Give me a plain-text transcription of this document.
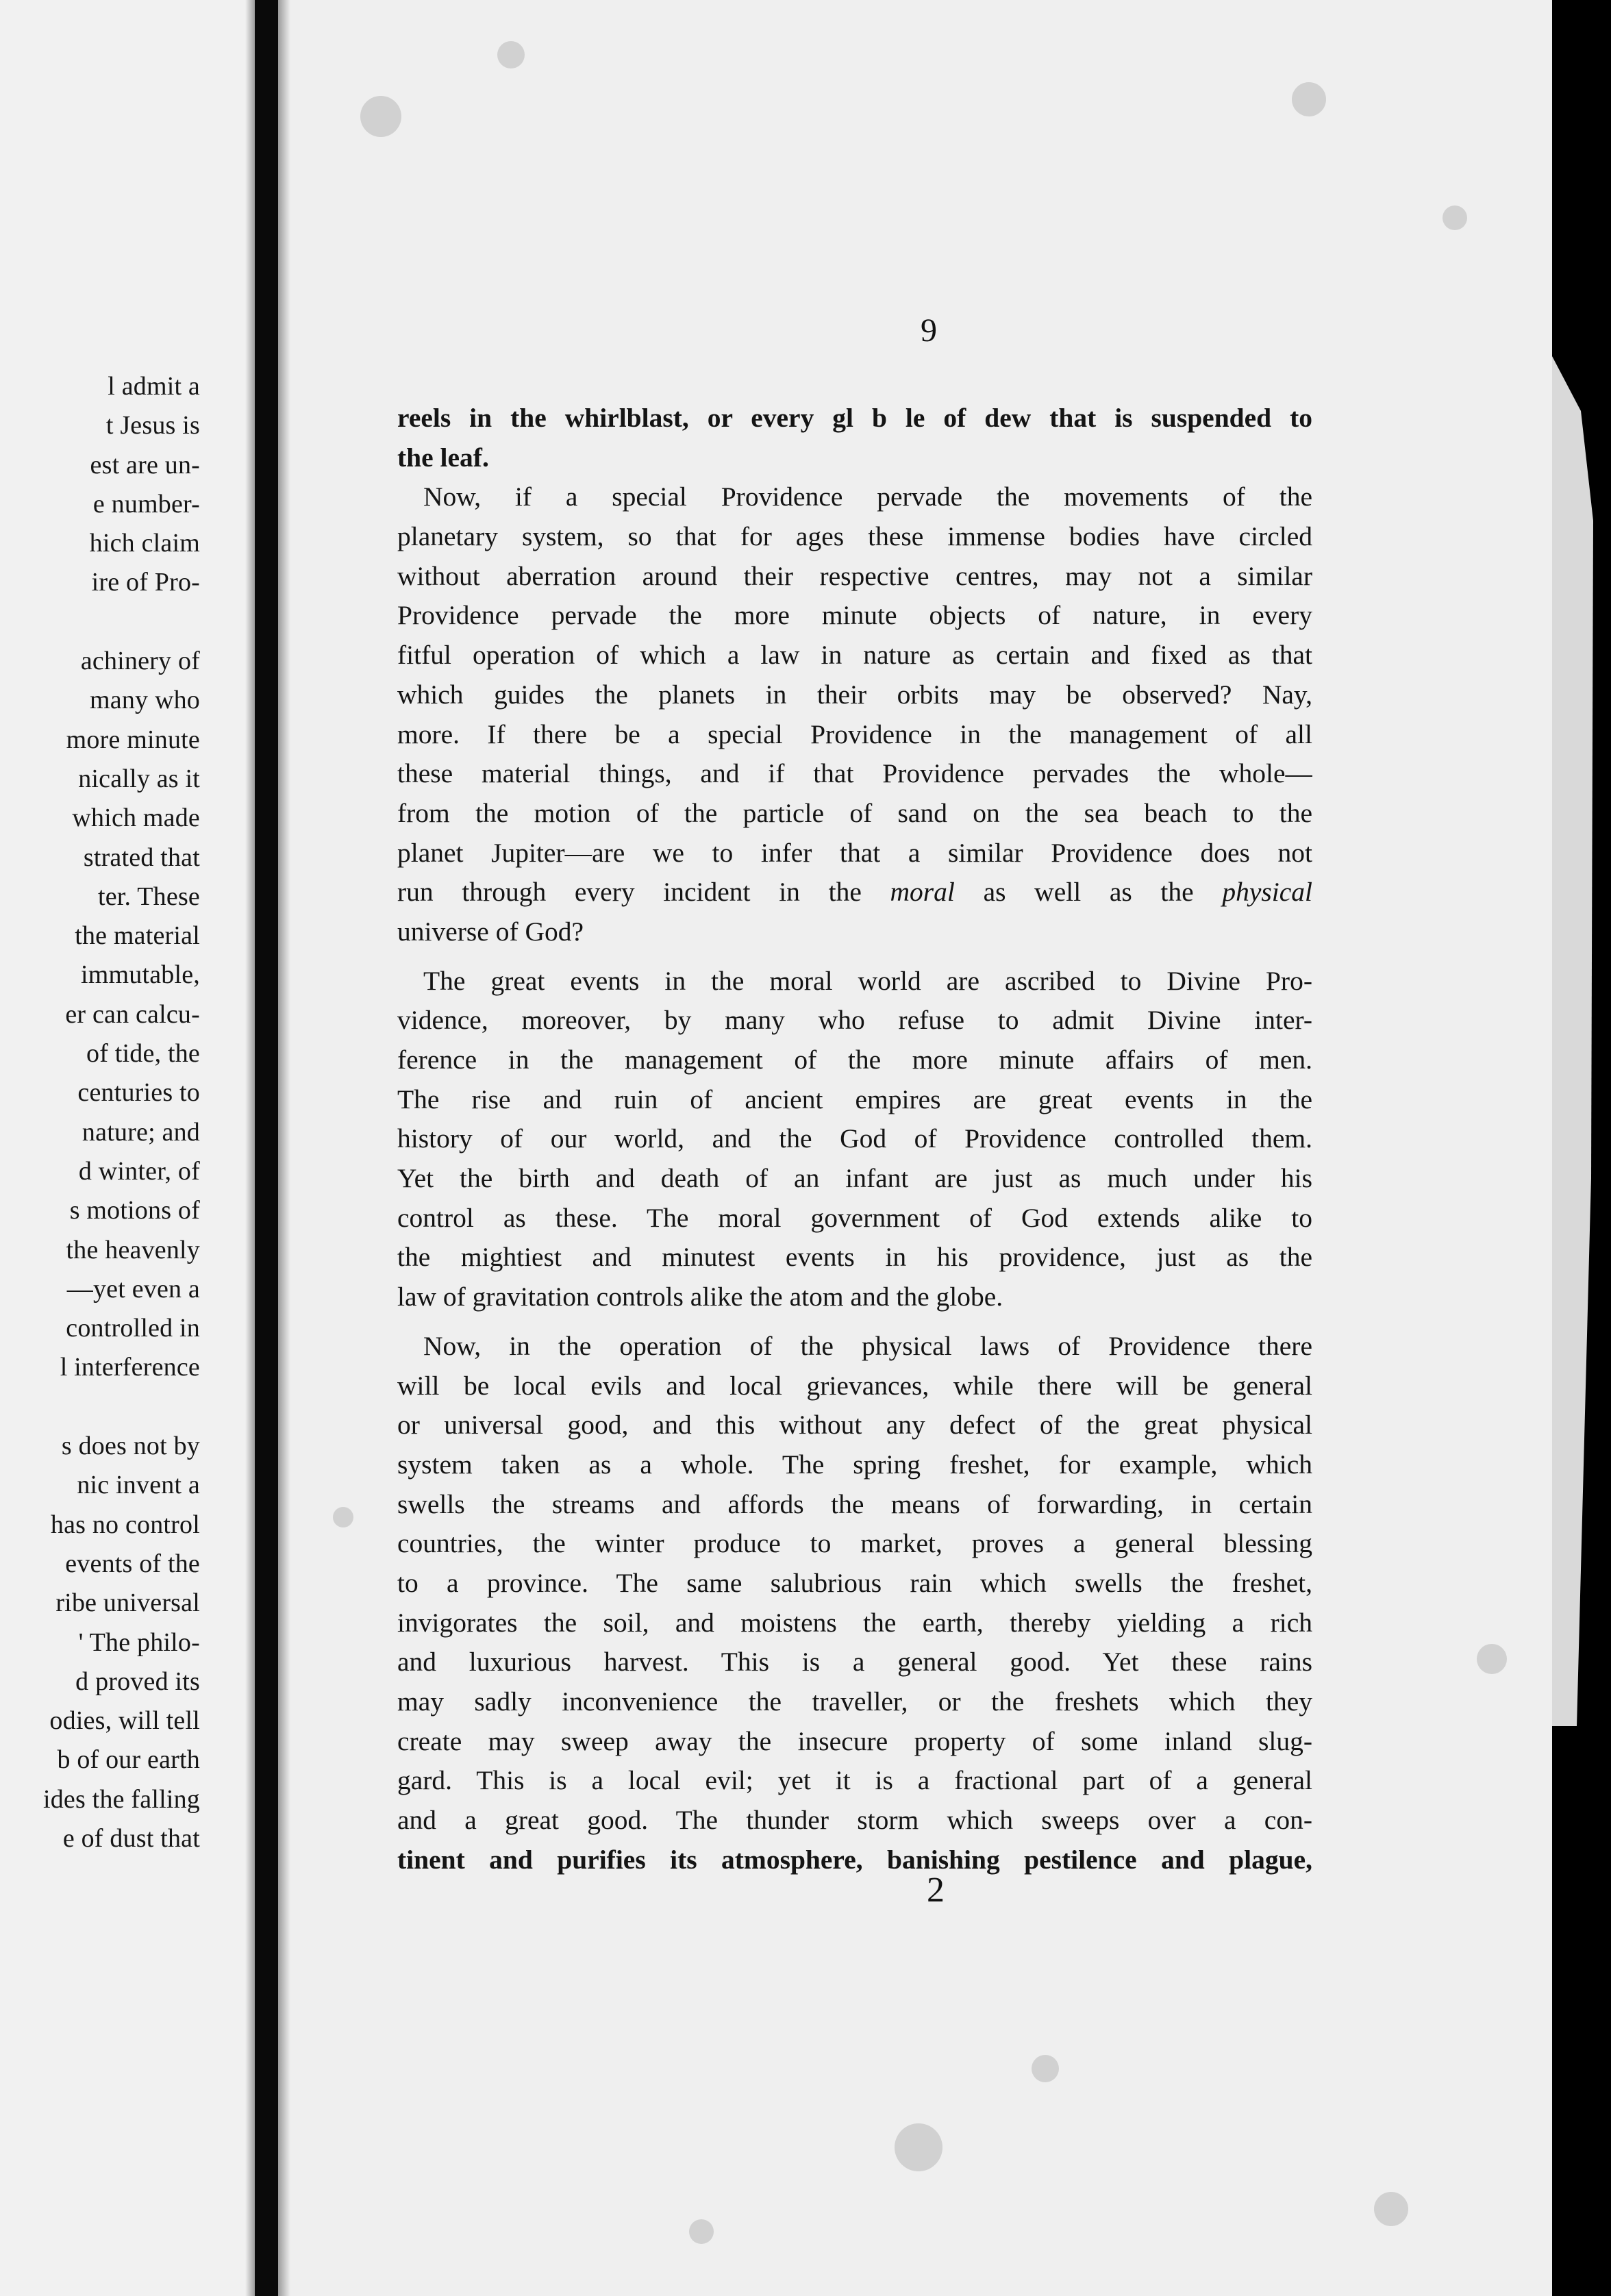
l admit a
t Jesus is
est are un-
e number-
hich claim
ire of Pro-
achinery of
many who
more minute
nically as it
which made
strated that
ter. These
the material
immutable,
er can calcu-
of tide, the
centuries to
nature; and
d winter, of
s motions of
the heavenly
—yet even a
controlled in
l interference
s does not by
nic invent a
has no control
events of the
ribe universal
' The philo-
d proved its
odies, will tell
b of our earth
ides the falling
e of dust that
9
reels in the whirlblast, or every gl b le of dew that is suspended to
the leaf.
Now, if a special Providence pervade the movements of the
planetary system, so that for ages these immense bodies have circled
without aberration around their respective centres, may not a similar
Providence pervade the more minute objects of nature, in every
fitful operation of which a law in nature as certain and fixed as that
which guides the planets in their orbits may be observed? Nay,
more. If there be a special Providence in the management of all
these material things, and if that Providence pervades the whole—
from the motion of the particle of sand on the sea beach to the
planet Jupiter—are we to infer that a similar Providence does not
run through every incident in the moral as well as the physical
universe of God?
The great events in the moral world are ascribed to Divine Pro-
vidence, moreover, by many who refuse to admit Divine inter-
ference in the management of the more minute affairs of men.
The rise and ruin of ancient empires are great events in the
history of our world, and the God of Providence controlled them.
Yet the birth and death of an infant are just as much under his
control as these. The moral government of God extends alike to
the mightiest and minutest events in his providence, just as the
law of gravitation controls alike the atom and the globe.
Now, in the operation of the physical laws of Providence there
will be local evils and local grievances, while there will be general
or universal good, and this without any defect of the great physical
system taken as a whole. The spring freshet, for example, which
swells the streams and affords the means of forwarding, in certain
countries, the winter produce to market, proves a general blessing
to a province. The same salubrious rain which swells the freshet,
invigorates the soil, and moistens the earth, thereby yielding a rich
and luxurious harvest. This is a general good. Yet these rains
may sadly inconvenience the traveller, or the freshets which they
create may sweep away the insecure property of some inland slug-
gard. This is a local evil; yet it is a fractional part of a general
and a great good. The thunder storm which sweeps over a con-
tinent and purifies its atmosphere, banishing pestilence and plague,
2
